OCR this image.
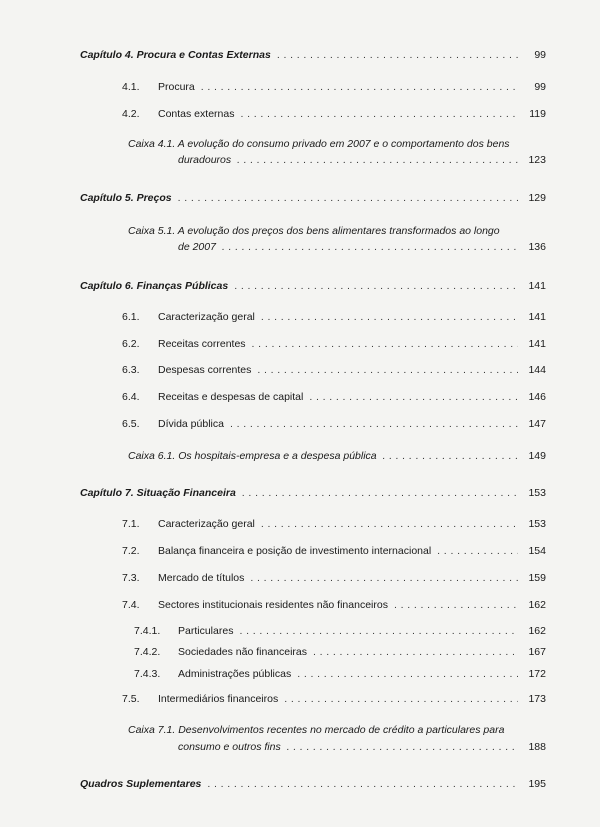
Capítulo 4. Procura e Contas Externas . . .	99
4.1. Procura . . .	99
4.2. Contas externas . . .	119
Caixa 4.1. A evolução do consumo privado em 2007 e o comportamento dos bens
duradouros . . .	123
Capítulo 5. Preços . . .	129
Caixa 5.1. A evolução dos preços dos bens alimentares transformados ao longo
de 2007 . . .	136
Capítulo 6. Finanças Públicas . . .	141
6.1. Caracterização geral . . .	141
6.2. Receitas correntes . . .	141
6.3. Despesas correntes . . .	144
6.4. Receitas e despesas de capital . . .	146
6.5. Dívida pública . . .	147
Caixa 6.1. Os hospitais-empresa e a despesa pública . . .	149
Capítulo 7. Situação Financeira . . .	153
7.1. Caracterização geral . . .	153
7.2. Balança financeira e posição de investimento internacional . . .	154
7.3. Mercado de títulos . . .	159
7.4. Sectores institucionais residentes não financeiros . . .	162
7.4.1. Particulares . . .	162
7.4.2. Sociedades não financeiras . . .	167
7.4.3. Administrações públicas . . .	172
7.5. Intermediários financeiros . . .	173
Caixa 7.1. Desenvolvimentos recentes no mercado de crédito a particulares para
consumo e outros fins . . .	188
Quadros Suplementares . . .	195
